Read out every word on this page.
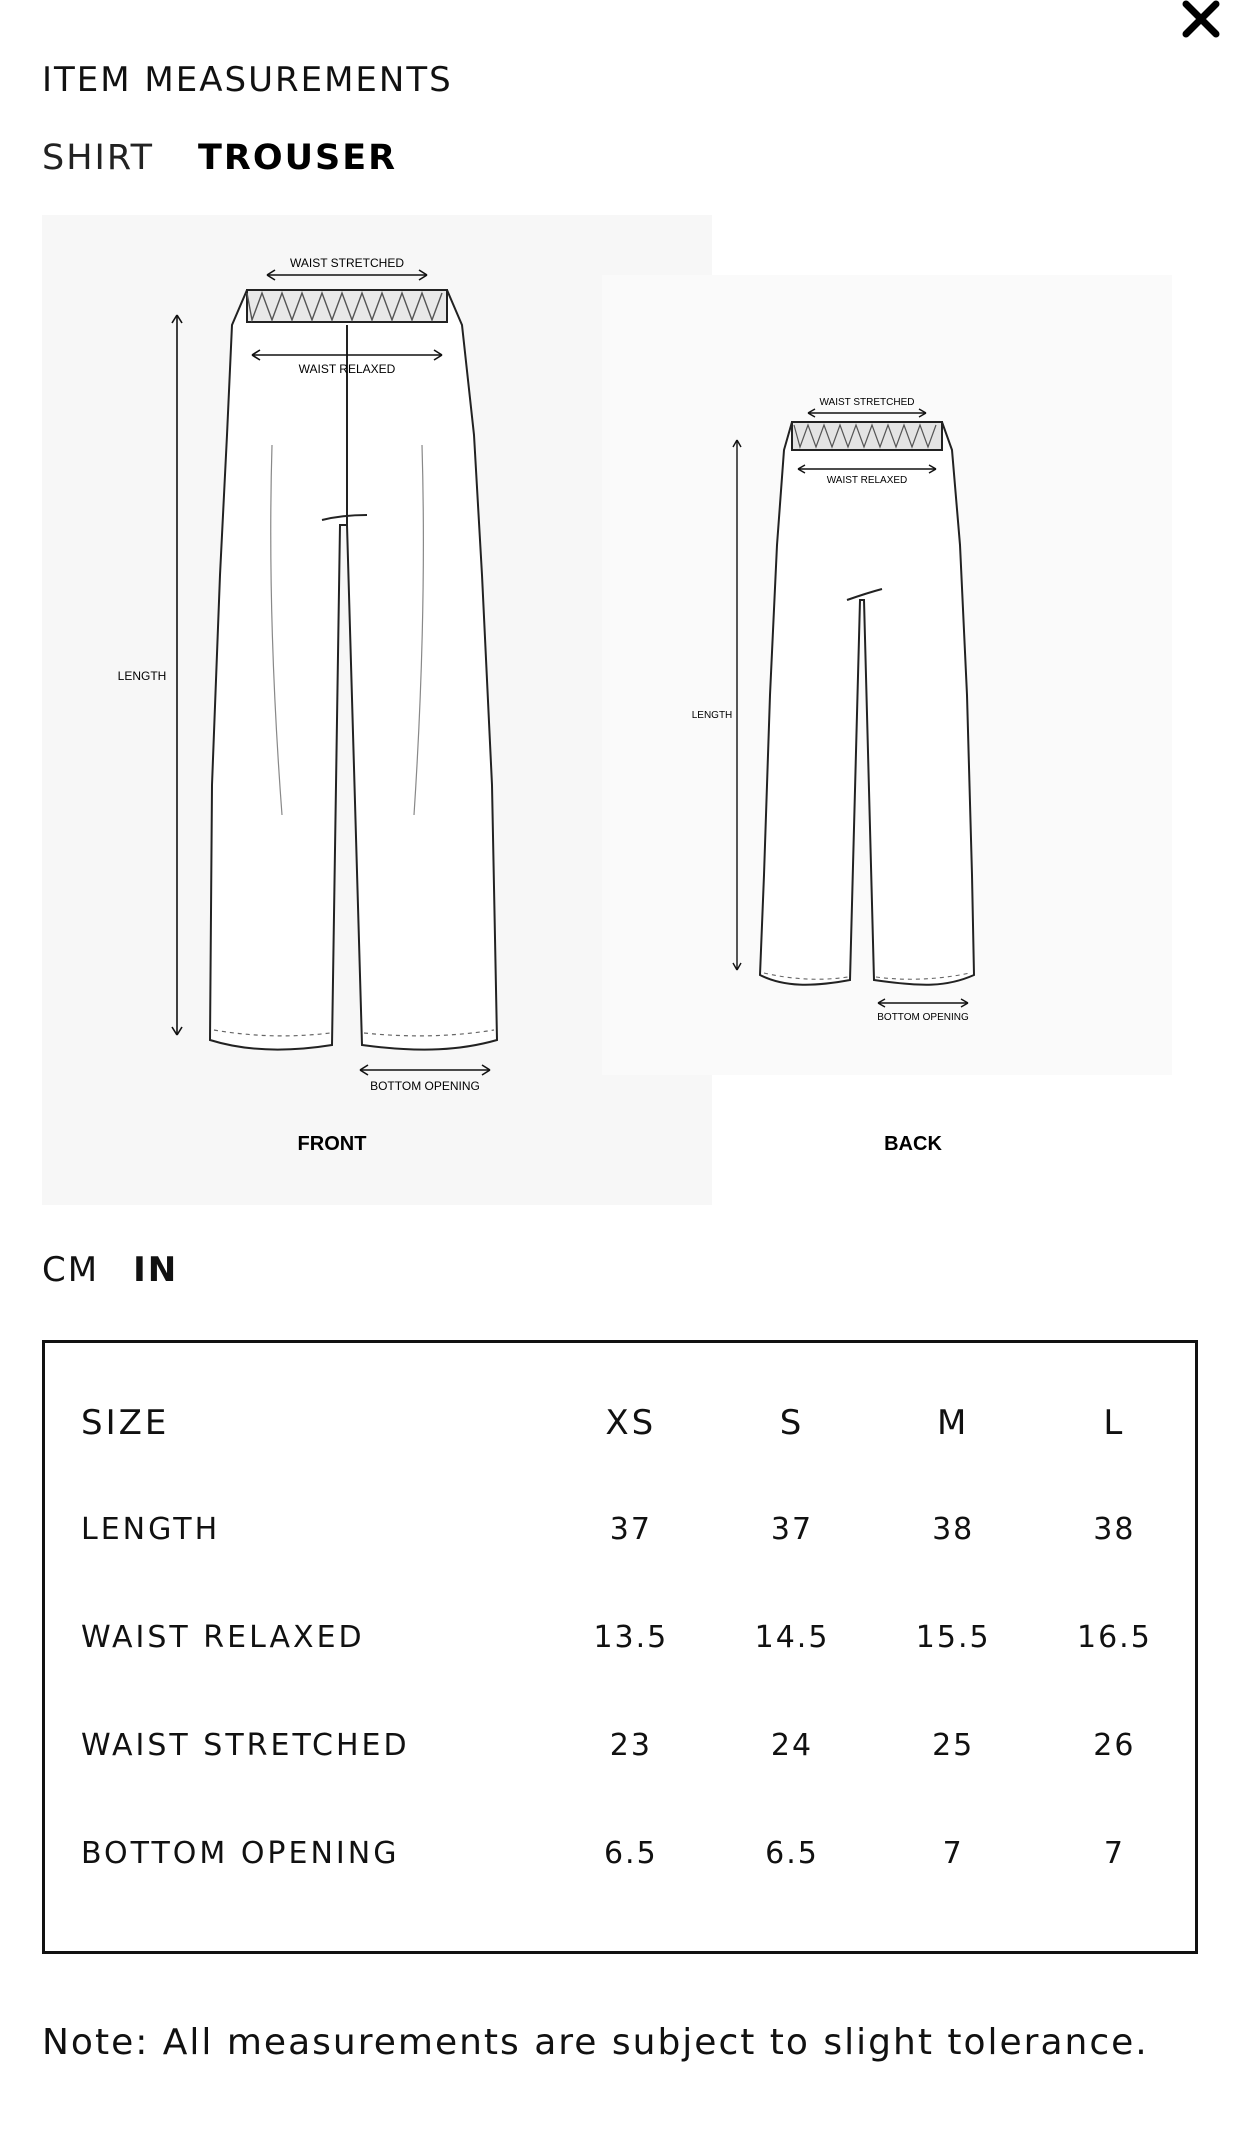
ITEM MEASUREMENTS
SHIRT TROUSER
WAIST STRETCHED
WAIST RELAXED
LENGTH
BOTTOM OPENING
FRONT
WAIST STRETCHED
WAIST RELAXED
LENGTH
BOTTOM OPENING
BACK
CM IN
SIZE	XS	S	M	L
LENGTH	37	37	38	38
WAIST RELAXED	13.5	14.5	15.5	16.5
WAIST STRETCHED	23	24	25	26
BOTTOM OPENING	6.5	6.5	7	7
Note: All measurements are subject to slight tolerance.
